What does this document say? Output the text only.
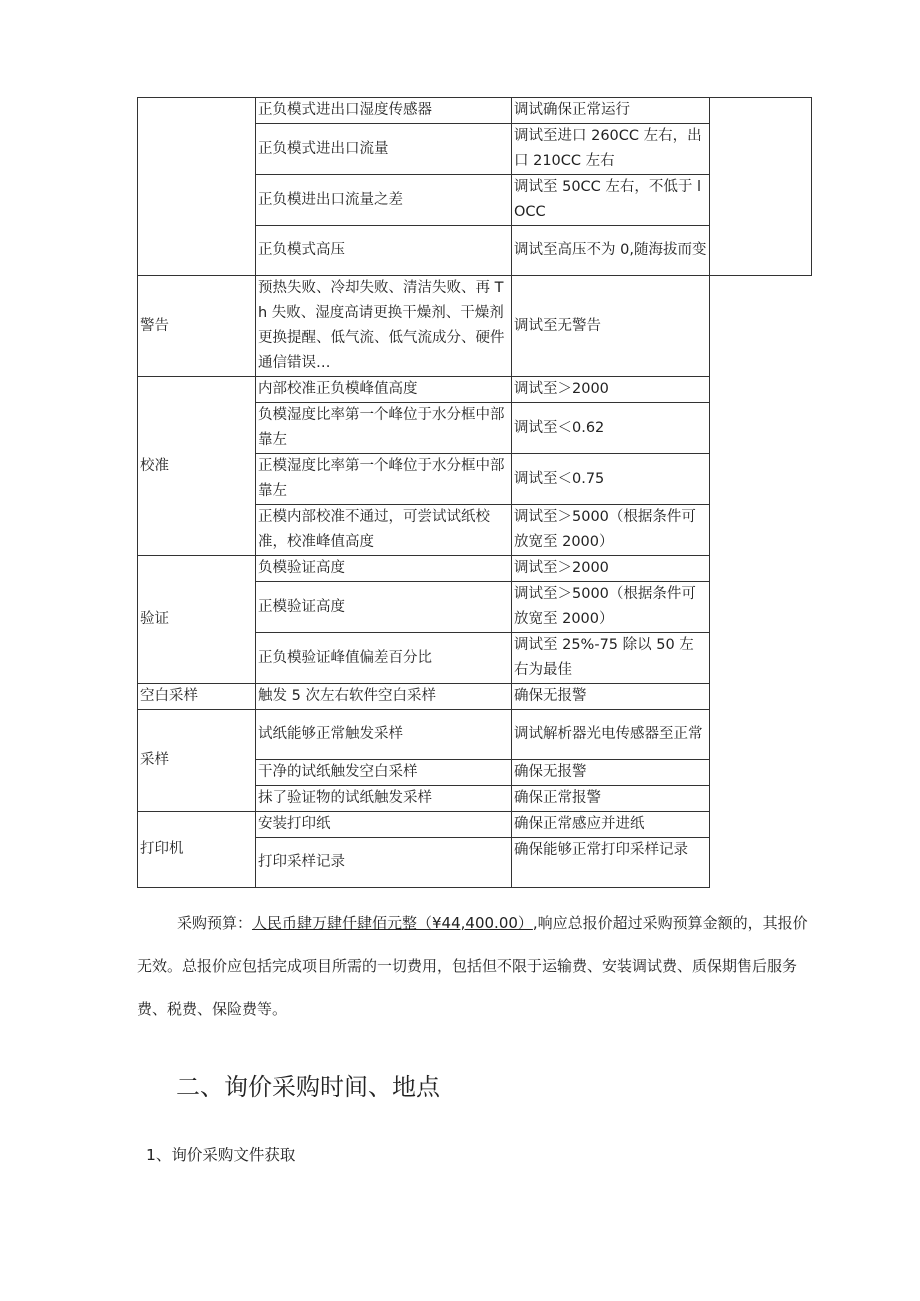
	正负模式进出口湿度传感器	调试确保正常运行	
	正负模式进出口流量	调试至进口 260CC 左右，出口 210CC 左右	
	正负模进出口流量之差	调试至 50CC 左右，不低于 lOCC	
	正负模式高压	调试至高压不为 0,随海拔而变	
警告	预热失败、冷却失败、清洁失败、再 Th 失败、湿度高请更换干燥剂、干燥剂更换提醒、低气流、低气流成分、硬件通信错误…	调试至无警告	
校准	内部校准正负模峰值高度	调试至＞2000	
	负模湿度比率第一个峰位于水分框中部靠左	调试至＜0.62	
	正模湿度比率第一个峰位于水分框中部靠左	调试至＜0.75	
	正模内部校准不通过，可尝试试纸校准，校准峰值高度	调试至＞5000（根据条件可放宽至 2000）	
验证	负模验证高度	调试至＞2000	
	正模验证高度	调试至＞5000（根据条件可放宽至 2000）	
	正负模验证峰值偏差百分比	调试至 25%-75 除以 50 左右为最佳	
空白采样	触发 5 次左右软件空白采样	确保无报警	
采样	试纸能够正常触发采样	调试解析器光电传感器至正常	
	干净的试纸触发空白采样	确保无报警	
	抹了验证物的试纸触发采样	确保正常报警	
打印机	安装打印纸	确保正常感应并进纸	
	打印采样记录	确保能够正常打印采样记录	

采购预算：人民币肆万肆仟肆佰元整（¥44,400.00）,响应总报价超过采购预算金额的，其报价无效。总报价应包括完成项目所需的一切费用，包括但不限于运输费、安装调试费、质保期售后服务费、税费、保险费等。

二、询价采购时间、地点
1、询价采购文件获取
